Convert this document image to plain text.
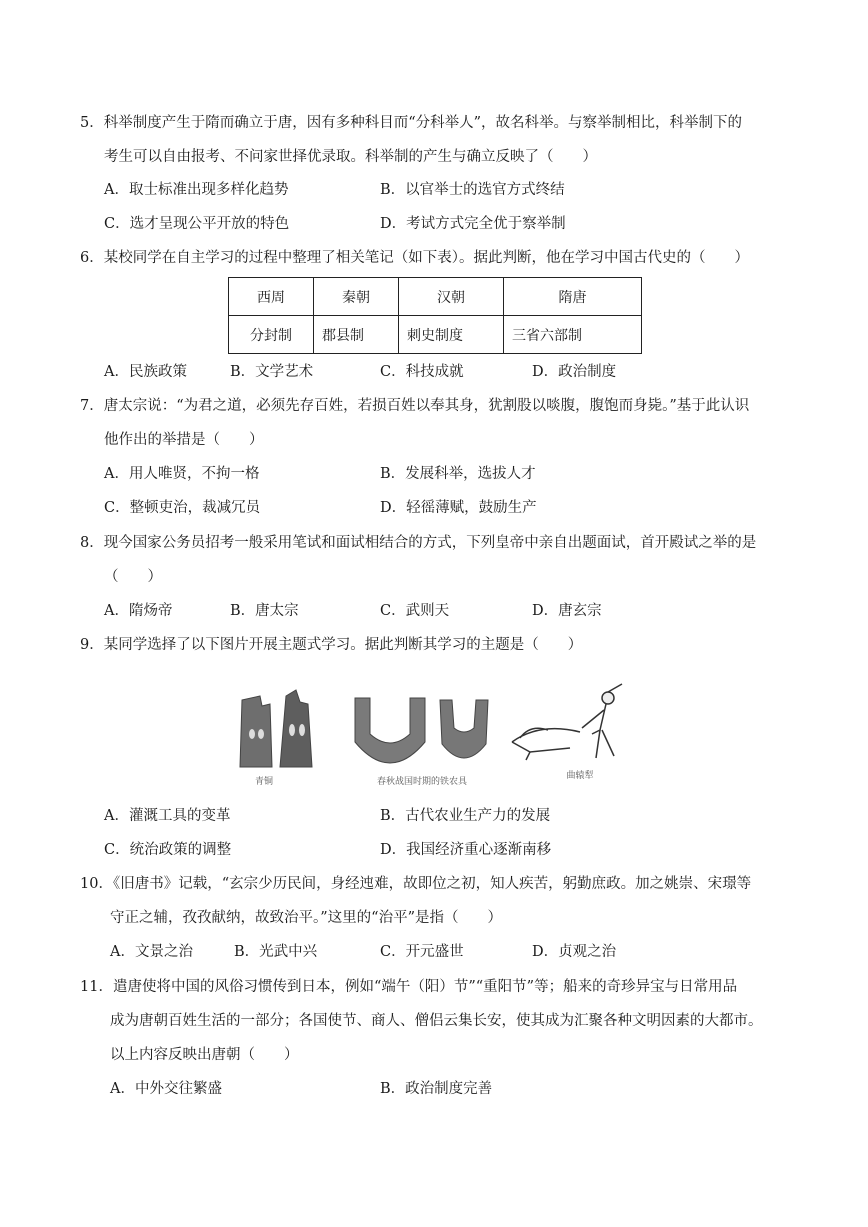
5．科举制度产生于隋而确立于唐，因有多种科目而“分科举人”，故名科举。与察举制相比，科举制下的
考生可以自由报考、不问家世择优录取。科举制的产生与确立反映了（　　）
A．取士标准出现多样化趋势	B．以官举士的选官方式终结
C．选才呈现公平开放的特色	D．考试方式完全优于察举制
6．某校同学在自主学习的过程中整理了相关笔记（如下表）。据此判断，他在学习中国古代史的（　　）
西周	秦朝	汉朝	隋唐
分封制	郡县制	刺史制度	三省六部制
A．民族政策	B．文学艺术	C．科技成就	D．政治制度
7．唐太宗说：“为君之道，必须先存百姓，若损百姓以奉其身，犹割股以啖腹，腹饱而身毙。”基于此认识
他作出的举措是（　　）
A．用人唯贤，不拘一格	B．发展科举，选拔人才
C．整顿吏治，裁减冗员	D．轻徭薄赋，鼓励生产
8．现今国家公务员招考一般采用笔试和面试相结合的方式，下列皇帝中亲自出题面试，首开殿试之举的是
（　　）
A．隋炀帝	B．唐太宗	C．武则天	D．唐玄宗
9．某同学选择了以下图片开展主题式学习。据此判断其学习的主题是（　　）
青铜	春秋战国时期的铁农具
曲辕犁
A．灌溉工具的变革	B．古代农业生产力的发展
C．统治政策的调整	D．我国经济重心逐渐南移
10．《旧唐书》记载，“玄宗少历民间，身经迍难，故即位之初，知人疾苦，躬勤庶政。加之姚崇、宋璟等
守正之辅，孜孜献纳，故致治平。”这里的“治平”是指（　　）
A．文景之治	B．光武中兴	C．开元盛世	D．贞观之治
11．遣唐使将中国的风俗习惯传到日本，例如“端午（阳）节”“重阳节”等；船来的奇珍异宝与日常用品
成为唐朝百姓生活的一部分；各国使节、商人、僧侣云集长安，使其成为汇聚各种文明因素的大都市。
以上内容反映出唐朝（　　）
A．中外交往繁盛	B．政治制度完善
